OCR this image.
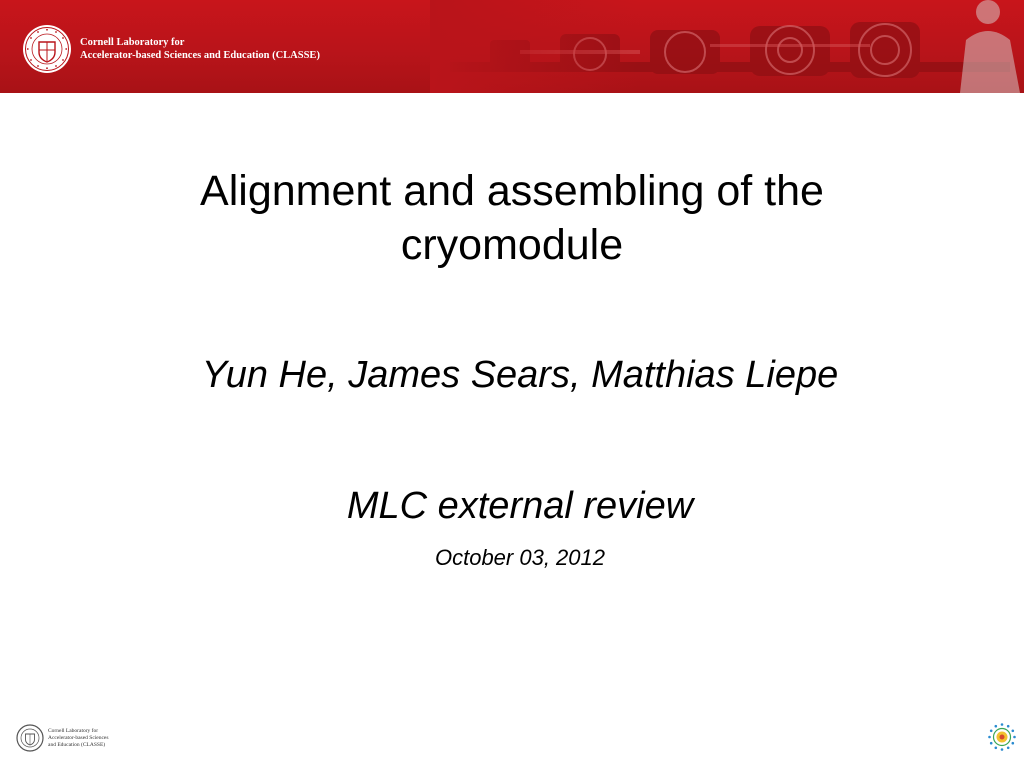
Cornell Laboratory for
Accelerator-based Sciences and Education (CLASSE)
Alignment and assembling of the
cryomodule
Yun He, James Sears, Matthias Liepe
MLC external review
October 03, 2012
Cornell Laboratory for
Accelerator-based Sciences
and Education (CLASSE)
